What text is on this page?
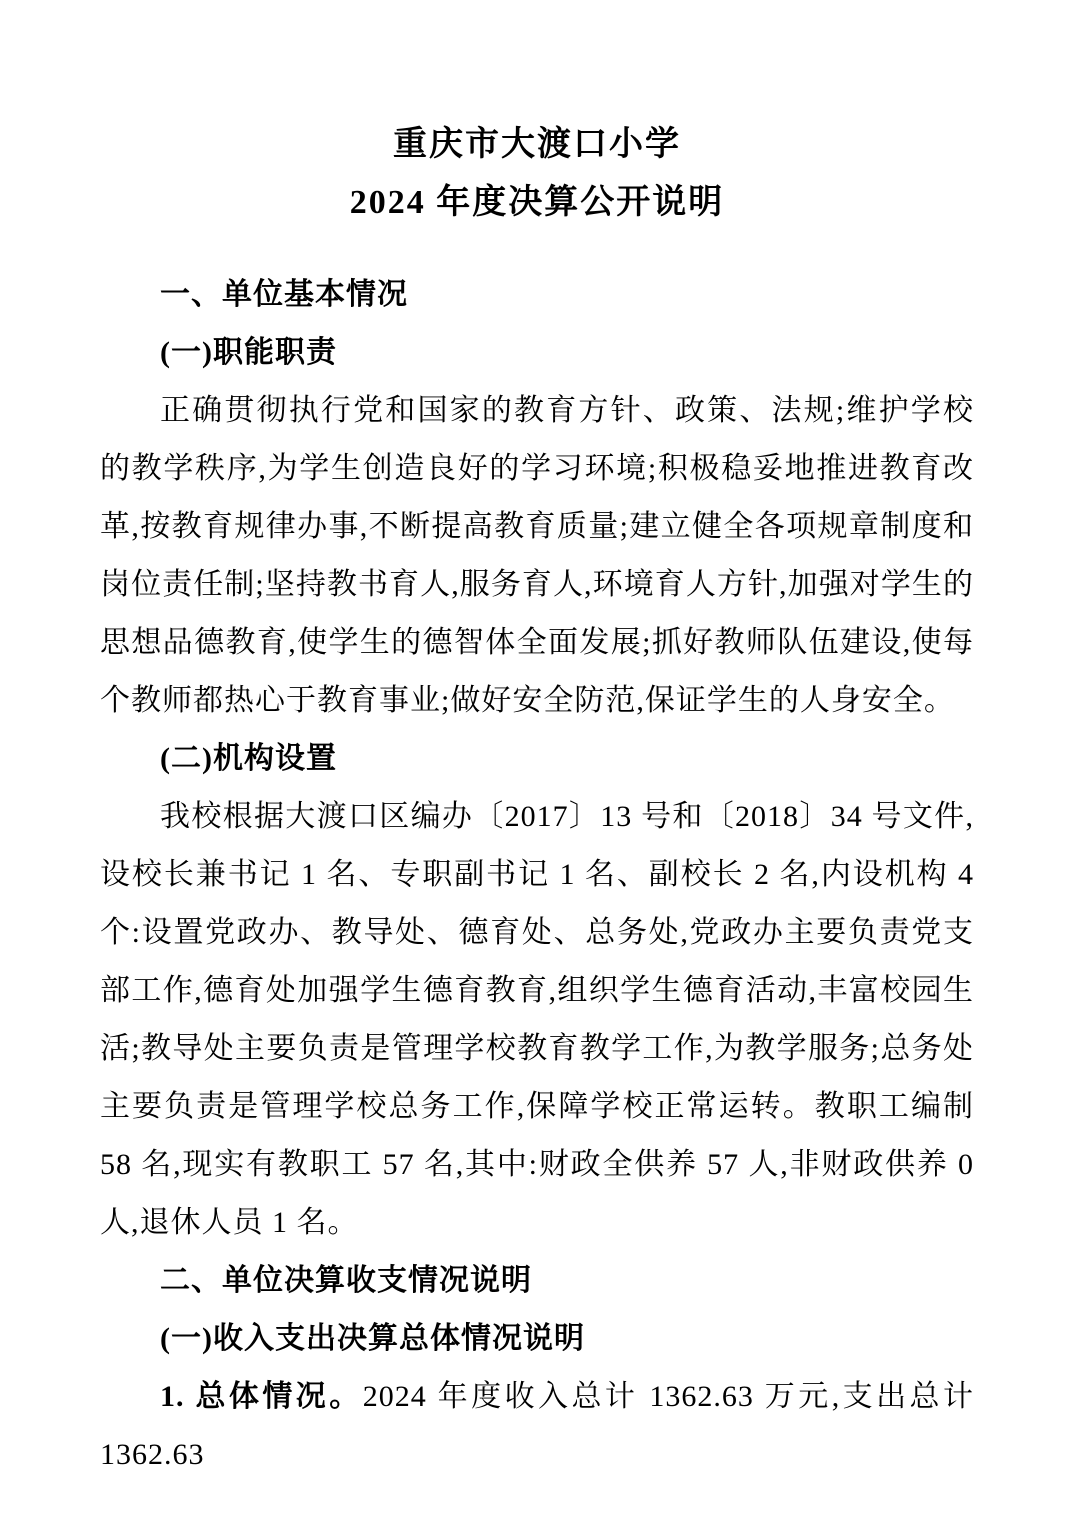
重庆市大渡口小学
2024 年度决算公开说明
一、单位基本情况
(一)职能职责

正确贯彻执行党和国家的教育方针、政策、法规;维护学校的教学秩序,为学生创造良好的学习环境;积极稳妥地推进教育改革,按教育规律办事,不断提高教育质量;建立健全各项规章制度和岗位责任制;坚持教书育人,服务育人,环境育人方针,加强对学生的思想品德教育,使学生的德智体全面发展;抓好教师队伍建设,使每个教师都热心于教育事业;做好安全防范,保证学生的人身安全。

(二)机构设置

我校根据大渡口区编办〔2017〕13 号和〔2018〕34 号文件,设校长兼书记 1 名、专职副书记 1 名、副校长 2 名,内设机构 4 个:设置党政办、教导处、德育处、总务处,党政办主要负责党支部工作,德育处加强学生德育教育,组织学生德育活动,丰富校园生活;教导处主要负责是管理学校教育教学工作,为教学服务;总务处主要负责是管理学校总务工作,保障学校正常运转。教职工编制 58 名,现实有教职工 57 名,其中:财政全供养 57 人,非财政供养 0 人,退休人员 1 名。

二、单位决算收支情况说明
(一)收入支出决算总体情况说明

1. 总体情况。2024 年度收入总计 1362.63 万元,支出总计 1362.63
